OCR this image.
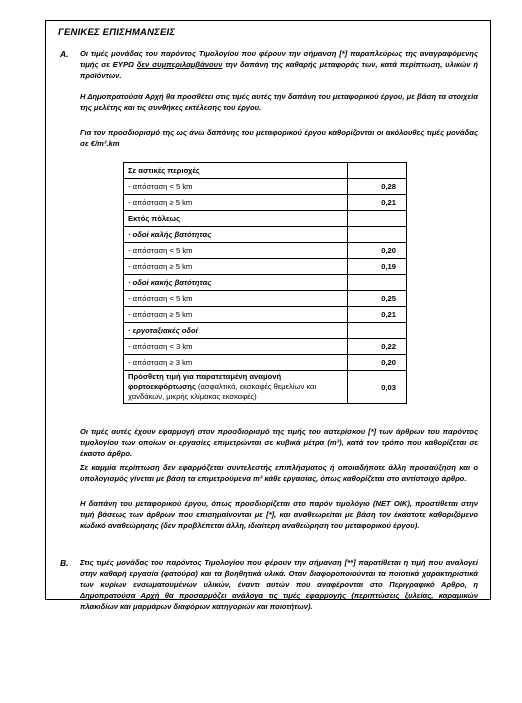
ΓΕΝΙΚΕΣ ΕΠΙΣΗΜΑΝΣΕΙΣ
Α. Οι τιμές μονάδας του παρόντος Τιμολογίου που φέρουν την σήμανση [*] παραπλεύρως της αναγραφόμενης τιμής σε ΕΥΡΩ δεν συμπεριλαμβάνουν την δαπάνη της καθαρής μεταφοράς των, κατά περίπτωση, υλικών ή προϊόντων.
Η Δημοπρατούσα Αρχή θα προσθέτει στις τιμές αυτές την δαπάνη του μεταφορικού έργου, με βάση τα στοιχεία της μελέτης και τις συνθήκες εκτέλεσης του έργου.
Για τον προσδιορισμό της ως άνω δαπάνης του μεταφορικού έργου καθορίζονται οι ακόλουθες τιμές μονάδας σε €/m³.km
Σε αστικές περιοχές	
- απόσταση < 5 km	0,28
- απόσταση ≥ 5 km	0,21
Εκτός πόλεως	
· οδοί καλής βατότητας	
- απόσταση < 5 km	0,20
- απόσταση ≥ 5 km	0,19
· οδοί κακής βατότητας	
- απόσταση < 5 km	0,25
- απόσταση ≥ 5 km	0,21
· εργοταξιακές οδοί	
- απόσταση < 3 km	0,22
- απόσταση ≥ 3 km	0,20
Πρόσθετη τιμή για παρατεταμένη αναμονή φορτοεκφόρτωσης (ασφαλτικά, εκσκαφές θεμελίων και χανδάκων, μικρής κλίμακας εκσκαφές)	0,03
Οι τιμές αυτές έχουν εφαρμογή στον προσδιορισμό της τιμής του αστερίσκου [*] των άρθρων του παρόντος τιμολογίου των οποίων οι εργασίες επιμετρώνται σε κυβικά μέτρα (m³), κατά τον τρόπο που καθορίζεται σε έκαστο άρθρο.
Σε καμμία περίπτωση δεν εφαρμόζεται συντελεστής επιπλήσματος ή οποιαδήποτε άλλη προσαύξηση και ο υπολογισμός γίνεται με βάση τα επιμετρούμενα m³ κάθε εργασίας, όπως καθορίζεται στο αντίστοιχο άρθρο.
Η δαπάνη του μεταφορικού έργου, όπως προσδιορίζεται στο παρόν τιμολόγιο (ΝΕΤ ΟΙΚ), προστίθεται στην τιμή βάσεως των άρθρων που επισημαίνονται με [*], και αναθεωρείται με βάση τον έκαστοτε καθοριζόμενο κωδικό αναθεώρησης (δεν προβλέπεται άλλη, ιδιαίτερη αναθεώρηση του μεταφορικού έργου).
Β. Στις τιμές μονάδας του παρόντος Τιμολογίου που φέρουν την σήμανση [**] παρατίθεται η τιμή που αναλογεί στην καθαρή εργασία (φατούρα) και τα βοηθητικά υλικά. Οταν διαφοροποιούνται τα ποιοτικά χαρακτηριστικά των κυρίων ενσωματουμένων υλικών, έναντι αυτών που αναφέρονται στο Περιγραφικό Αρθρο, η Δημοπρατούσα Αρχή θα προσαρμόζει ανάλογα τις τιμές εφαρμογής (περιπτώσεις ξυλείας, καραμικών πλακιδίων και μαρμάρων διαφόρων κατηγοριών και ποιοτήτων).
